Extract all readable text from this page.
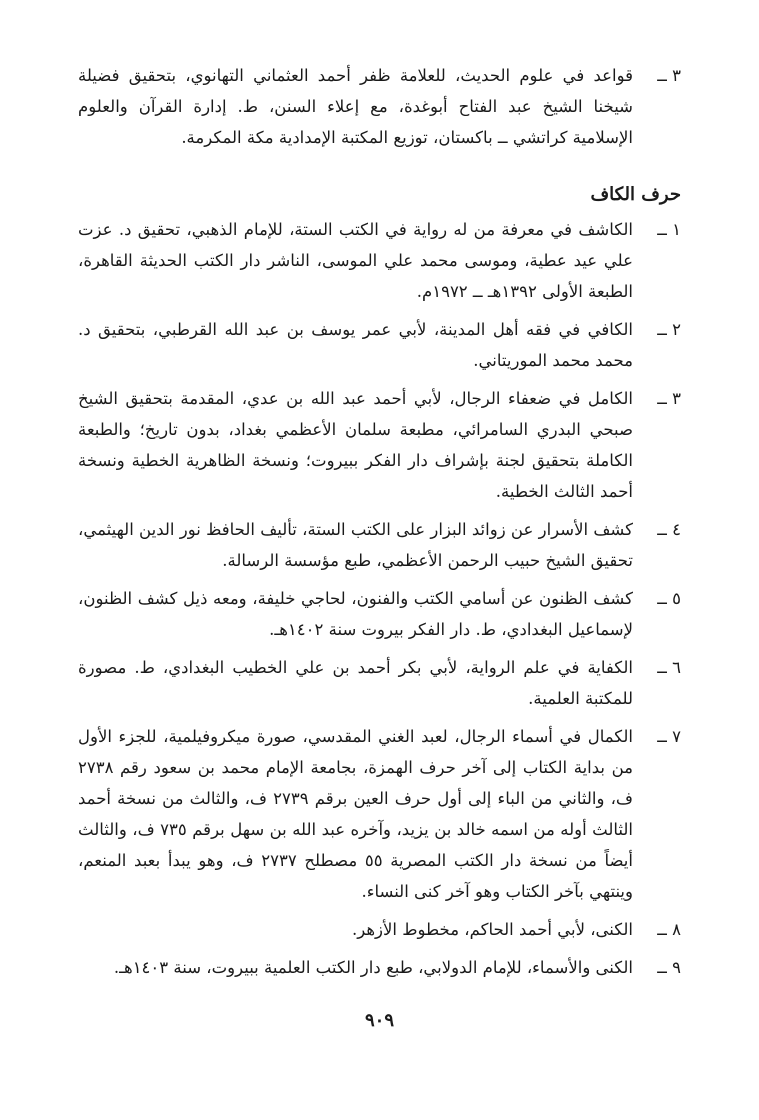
٣ ــ
قواعد في علوم الحديث، للعلامة ظفر أحمد العثماني التهانوي، بتحقيق فضيلة شيخنا الشيخ عبد الفتاح أبوغدة، مع إعلاء السنن، ط. إدارة القرآن والعلوم الإسلامية كراتشي ــ باكستان، توزيع المكتبة الإمدادية مكة المكرمة.
حرف الكاف
١ ــ
الكاشف في معرفة من له رواية في الكتب الستة، للإمام الذهبي، تحقيق د. عزت علي عيد عطية، وموسى محمد علي الموسى، الناشر دار الكتب الحديثة القاهرة، الطبعة الأولى ١٣٩٢هـ ــ ١٩٧٢م.
٢ ــ
الكافي في فقه أهل المدينة، لأبي عمر يوسف بن عبد الله القرطبي، بتحقيق د. محمد محمد الموريتاني.
٣ ــ
الكامل في ضعفاء الرجال، لأبي أحمد عبد الله بن عدي، المقدمة بتحقيق الشيخ صبحي البدري السامرائي، مطبعة سلمان الأعظمي بغداد، بدون تاريخ؛ والطبعة الكاملة بتحقيق لجنة بإشراف دار الفكر ببيروت؛ ونسخة الظاهرية الخطية ونسخة أحمد الثالث الخطية.
٤ ــ
كشف الأسرار عن زوائد البزار على الكتب الستة، تأليف الحافظ نور الدين الهيثمي، تحقيق الشيخ حبيب الرحمن الأعظمي، طبع مؤسسة الرسالة.
٥ ــ
كشف الظنون عن أسامي الكتب والفنون، لحاجي خليفة، ومعه ذيل كشف الظنون، لإسماعيل البغدادي، ط. دار الفكر بيروت سنة ١٤٠٢هـ.
٦ ــ
الكفاية في علم الرواية، لأبي بكر أحمد بن علي الخطيب البغدادي، ط. مصورة للمكتبة العلمية.
٧ ــ
الكمال في أسماء الرجال، لعبد الغني المقدسي، صورة ميكروفيلمية، للجزء الأول من بداية الكتاب إلى آخر حرف الهمزة، بجامعة الإمام محمد بن سعود رقم ٢٧٣٨ ف، والثاني من الباء إلى أول حرف العين برقم ٢٧٣٩ ف، والثالث من نسخة أحمد الثالث أوله من اسمه خالد بن يزيد، وآخره عبد الله بن سهل برقم ٧٣٥ ف، والثالث أيضاً من نسخة دار الكتب المصرية ٥٥ مصطلح ٢٧٣٧ ف، وهو يبدأ بعبد المنعم، وينتهي بآخر الكتاب وهو آخر كنى النساء.
٨ ــ
الكنى، لأبي أحمد الحاكم، مخطوط الأزهر.
٩ ــ
الكنى والأسماء، للإمام الدولابي، طبع دار الكتب العلمية ببيروت، سنة ١٤٠٣هـ.
٩٠٩
